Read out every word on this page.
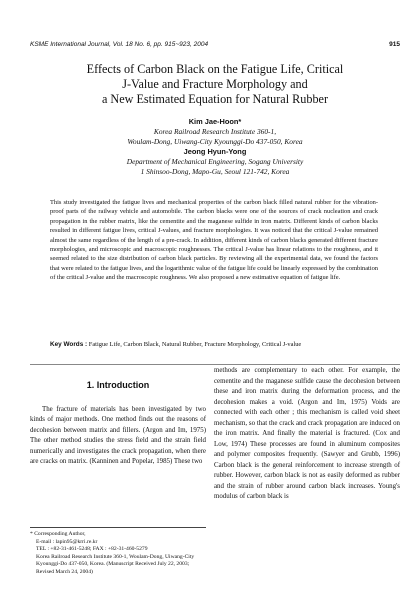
KSME International Journal, Vol. 18 No. 6, pp. 915~923, 2004	915
Effects of Carbon Black on the Fatigue Life, Critical
J-Value and Fracture Morphology and
a New Estimated Equation for Natural Rubber
Kim Jae-Hoon*
Korea Railroad Research Institute 360-1,
Woulam-Dong, Uiwang-City Kyounggi-Do 437-050, Korea
Jeong Hyun-Yong
Department of Mechanical Engineering, Sogang University
1 Shinsoo-Dong, Mapo-Gu, Seoul 121-742, Korea

This study investigated the fatigue lives and mechanical properties of the carbon black filled natural rubber for the vibration-proof parts of the railway vehicle and automobile. The carbon blacks were one of the sources of crack nucleation and crack propagation in the rubber matrix, like the cementite and the maganese sulfide in iron matrix. Different kinds of carbon blacks resulted in different fatigue lives, critical J-values, and fracture morphologies. It was noticed that the critical J-value remained almost the same regardless of the length of a pre-crack. In addition, different kinds of carbon blacks generated different fracture morphologies, and microscopic and macroscopic roughnesses. The critical J-value has linear relations to the roughness, and it seemed related to the size distribution of carbon black particles. By reviewing all the experimental data, we found the factors that were related to the fatigue lives, and the logarithmic value of the fatigue life could be linearly expressed by the combination of the critical J-value and the macroscopic roughness. We also proposed a new estimative equation of fatigue life.

Key Words : Fatigue Life, Carbon Black, Natural Rubber, Fracture Morphology, Critical J-value

1. Introduction

The fracture of materials has been investigated by two kinds of major methods. One method finds out the reasons of decohesion between matrix and fillers. (Argon and Im, 1975) The other method studies the stress field and the strain field numerically and investigates the crack propagation, when there are cracks on matrix. (Kanninen and Popelar, 1985) These two

methods are complementary to each other. For example, the cementite and the maganese sulfide cause the decohesion between these and iron matrix during the deformation process, and the decohesion makes a void. (Argon and Im, 1975) Voids are connected with each other ; this mechanism is called void sheet mechanism, so that the crack and crack propagation are induced on the iron matrix. And finally the material is fractured. (Cox and Low, 1974) These processes are found in aluminum composites and polymer composites frequently. (Sawyer and Grubb, 1996) Carbon black is the general reinforcement to increase strength of rubber. However, carbon black is not as easily deformed as rubber and the strain of rubber around carbon black increases. Young's modulus of carbon black is

* Corresponding Author,
E-mail : lapin95@krri.re.kr
TEL : +82-31-461-5248; FAX : +82-31-460-5279
Korea Railroad Research Institute 360-1, Woulam-Dong, Uiwang-City Kyounggi-Do 437-050, Korea. (Manuscript Received July 22, 2003; Revised March 24, 2004)
